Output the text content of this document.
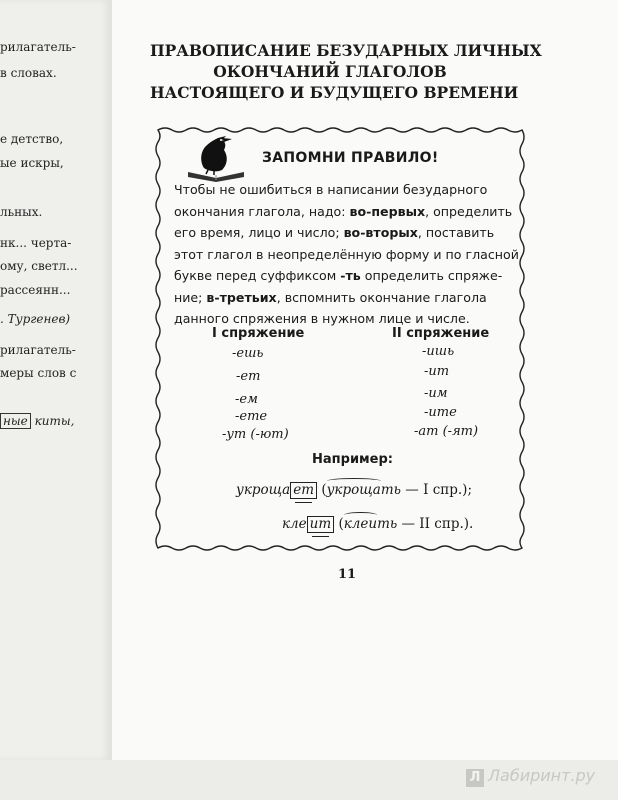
рилагатель-
в словах.
е детство,
ые искры,
льных.
нк... черта-
ому, светл...
рассеянн...
. Тургенев)
рилагатель-
меры слов с
ные киты,
ПРАВОПИСАНИЕ БЕЗУДАРНЫХ ЛИЧНЫХ
ОКОНЧАНИЙ ГЛАГОЛОВ
НАСТОЯЩЕГО И БУДУЩЕГО ВРЕМЕНИ
ЗАПОМНИ ПРАВИЛО!
Чтобы не ошибиться в написании безударного
окончания глагола, надо: во-первых, определить
его время, лицо и число; во-вторых, поставить
этот глагол в неопределённую форму и по гласной
букве перед суффиксом -ть определить спряже-
ние; в-третьих, вспомнить окончание глагола
данного спряжения в нужном лице и числе.
I спряжение	II спряжение
-ешь
-ет
-ем
-ете
-ут (-ют)
-ишь
-ит
-им
-ите
-ат (-ят)
Например:
укроща ет (укрощать — I спр.);
кле ит (клеить — II спр.).
11
Л Лабиринт.ру
